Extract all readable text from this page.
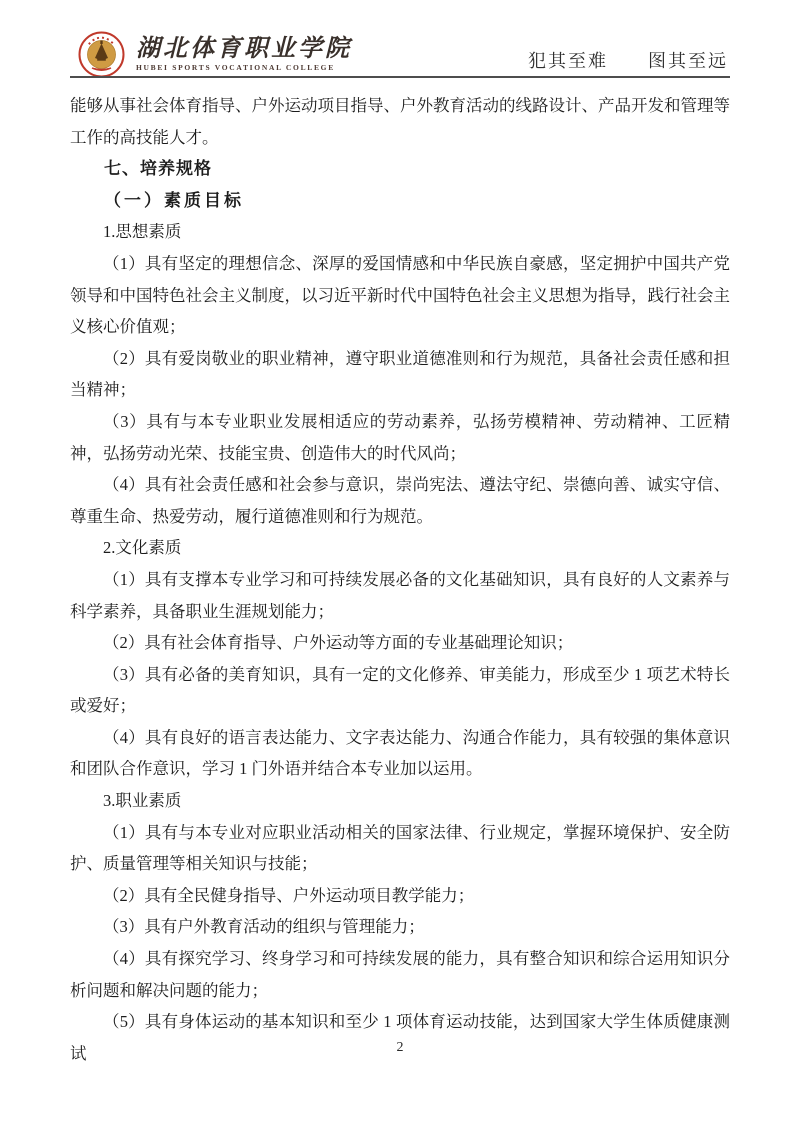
湖北体育职业学院
HUBEI SPORTS VOCATIONAL COLLEGE	犯其至难　　图其至远

能够从事社会体育指导、户外运动项目指导、户外教育活动的线路设计、产品开发和管理等工作的高技能人才。

七、培养规格

（一）素质目标

1.思想素质

（1）具有坚定的理想信念、深厚的爱国情感和中华民族自豪感，坚定拥护中国共产党领导和中国特色社会主义制度，以习近平新时代中国特色社会主义思想为指导，践行社会主义核心价值观；

（2）具有爱岗敬业的职业精神，遵守职业道德准则和行为规范，具备社会责任感和担当精神；

（3）具有与本专业职业发展相适应的劳动素养，弘扬劳模精神、劳动精神、工匠精神，弘扬劳动光荣、技能宝贵、创造伟大的时代风尚；

（4）具有社会责任感和社会参与意识，崇尚宪法、遵法守纪、崇德向善、诚实守信、尊重生命、热爱劳动，履行道德准则和行为规范。

2.文化素质

（1）具有支撑本专业学习和可持续发展必备的文化基础知识，具有良好的人文素养与科学素养，具备职业生涯规划能力；

（2）具有社会体育指导、户外运动等方面的专业基础理论知识；

（3）具有必备的美育知识，具有一定的文化修养、审美能力，形成至少 1 项艺术特长或爱好；

（4）具有良好的语言表达能力、文字表达能力、沟通合作能力，具有较强的集体意识和团队合作意识，学习 1 门外语并结合本专业加以运用。

3.职业素质

（1）具有与本专业对应职业活动相关的国家法律、行业规定，掌握环境保护、安全防护、质量管理等相关知识与技能；

（2）具有全民健身指导、户外运动项目教学能力；

（3）具有户外教育活动的组织与管理能力；

（4）具有探究学习、终身学习和可持续发展的能力，具有整合知识和综合运用知识分析问题和解决问题的能力；

（5）具有身体运动的基本知识和至少 1 项体育运动技能，达到国家大学生体质健康测试	2
